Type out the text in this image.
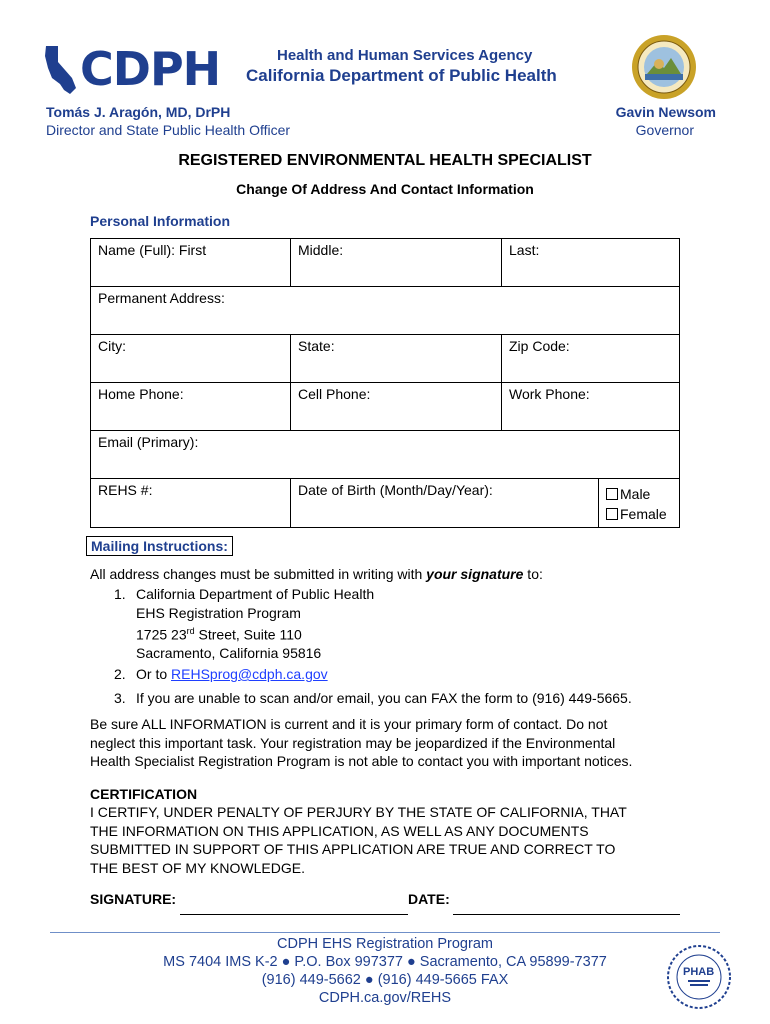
CDPH	Health and Human Services Agency
California Department of Public Health
Tomás J. Aragón, MD, DrPH
Director and State Public Health Officer
Gavin Newsom
Governor
REGISTERED ENVIRONMENTAL HEALTH SPECIALIST
Change Of Address And Contact Information
Personal Information
Name (Full): First	Middle:	Last:
Permanent Address:
City:	State:	Zip Code:
Home Phone:	Cell Phone:	Work Phone:
Email (Primary):
REHS #:	Date of Birth (Month/Day/Year):	Male
Female
Mailing Instructions:
All address changes must be submitted in writing with your signature to:
1. California Department of Public Health
EHS Registration Program
1725 23rd Street, Suite 110
Sacramento, California 95816
2. Or to REHSprog@cdph.ca.gov
3. If you are unable to scan and/or email, you can FAX the form to (916) 449-5665.
Be sure ALL INFORMATION is current and it is your primary form of contact. Do not
neglect this important task. Your registration may be jeopardized if the Environmental
Health Specialist Registration Program is not able to contact you with important notices.
CERTIFICATION
I CERTIFY, UNDER PENALTY OF PERJURY BY THE STATE OF CALIFORNIA, THAT
THE INFORMATION ON THIS APPLICATION, AS WELL AS ANY DOCUMENTS
SUBMITTED IN SUPPORT OF THIS APPLICATION ARE TRUE AND CORRECT TO
THE BEST OF MY KNOWLEDGE.
SIGNATURE:	DATE:
CDPH EHS Registration Program
MS 7404 IMS K-2 ● P.O. Box 997377 ● Sacramento, CA 95899-7377
(916) 449-5662 ● (916) 449-5665 FAX
CDPH.ca.gov/REHS
PHAB
